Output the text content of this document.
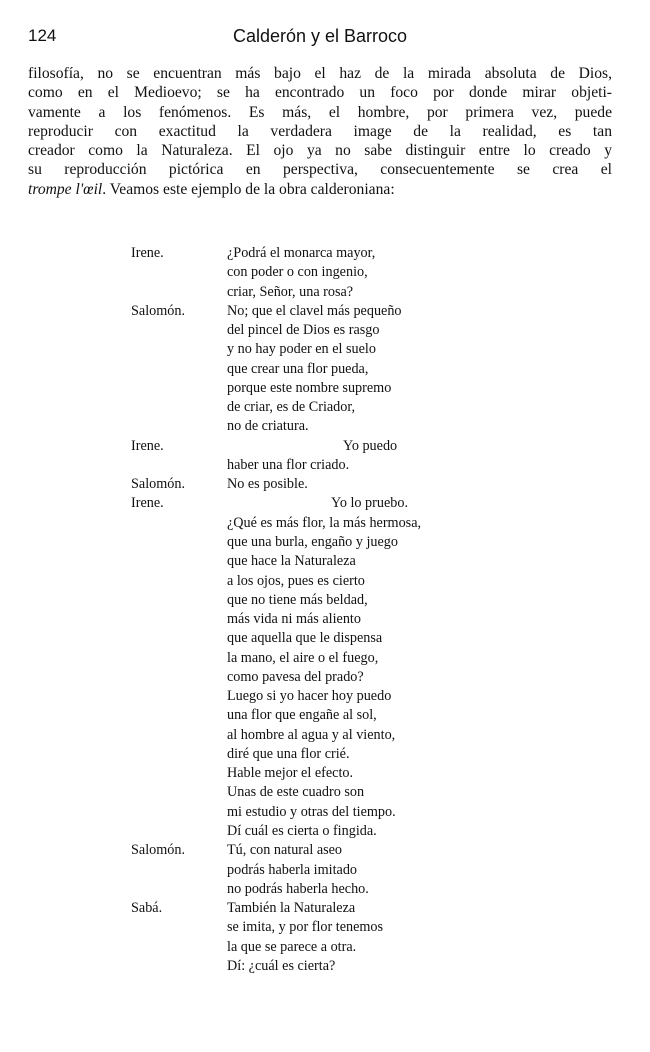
124	Calderón y el Barroco
filosofía, no se encuentran más bajo el haz de la mirada absoluta de Dios,
como en el Medioevo; se ha encontrado un foco por donde mirar objeti-
vamente a los fenómenos. Es más, el hombre, por primera vez, puede
reproducir con exactitud la verdadera image de la realidad, es tan
creador como la Naturaleza. El ojo ya no sabe distinguir entre lo creado y
su reproducción pictórica en perspectiva, consecuentemente se crea el
trompe l'œil. Veamos este ejemplo de la obra calderoniana:
Irene.	¿Podrá el monarca mayor,
con poder o con ingenio,
criar, Señor, una rosa?
Salomón.	No; que el clavel más pequeño
del pincel de Dios es rasgo
y no hay poder en el suelo
que crear una flor pueda,
porque este nombre supremo
de criar, es de Criador,
no de criatura.
Irene.	Yo puedo
haber una flor criado.
Salomón.	No es posible.
Irene.	Yo lo pruebo.
¿Qué es más flor, la más hermosa,
que una burla, engaño y juego
que hace la Naturaleza
a los ojos, pues es cierto
que no tiene más beldad,
más vida ni más aliento
que aquella que le dispensa
la mano, el aire o el fuego,
como pavesa del prado?
Luego si yo hacer hoy puedo
una flor que engañe al sol,
al hombre al agua y al viento,
diré que una flor crié.
Hable mejor el efecto.
Unas de este cuadro son
mi estudio y otras del tiempo.
Dí cuál es cierta o fingida.
Salomón.	Tú, con natural aseo
podrás haberla imitado
no podrás haberla hecho.
Sabá.	También la Naturaleza
se imita, y por flor tenemos
la que se parece a otra.
Dí: ¿cuál es cierta?
